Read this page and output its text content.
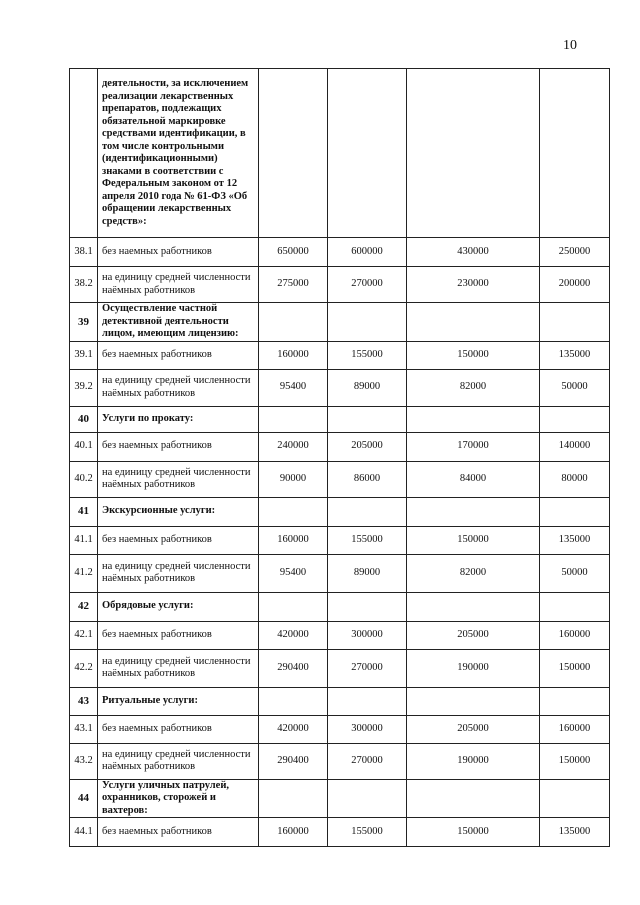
10
	деятельности, за исключением реализации лекарственных препаратов, подлежащих обязательной маркировке средствами идентификации, в том числе контрольными (идентификационными) знаками в соответствии с Федеральным законом от 12 апреля 2010 года № 61-ФЗ «Об обращении лекарственных средств»:				
38.1	без наемных работников	650000	600000	430000	250000
38.2	на единицу средней численности наёмных работников	275000	270000	230000	200000
39	Осуществление частной детективной деятельности лицом, имеющим лицензию:				
39.1	без наемных работников	160000	155000	150000	135000
39.2	на единицу средней численности наёмных работников	95400	89000	82000	50000
40	Услуги по прокату:				
40.1	без наемных работников	240000	205000	170000	140000
40.2	на единицу средней численности наёмных работников	90000	86000	84000	80000
41	Экскурсионные услуги:				
41.1	без наемных работников	160000	155000	150000	135000
41.2	на единицу средней численности наёмных работников	95400	89000	82000	50000
42	Обрядовые услуги:				
42.1	без наемных работников	420000	300000	205000	160000
42.2	на единицу средней численности наёмных работников	290400	270000	190000	150000
43	Ритуальные услуги:				
43.1	без наемных работников	420000	300000	205000	160000
43.2	на единицу средней численности наёмных работников	290400	270000	190000	150000
44	Услуги уличных патрулей, охранников, сторожей и вахтеров:				
44.1	без наемных работников	160000	155000	150000	135000
